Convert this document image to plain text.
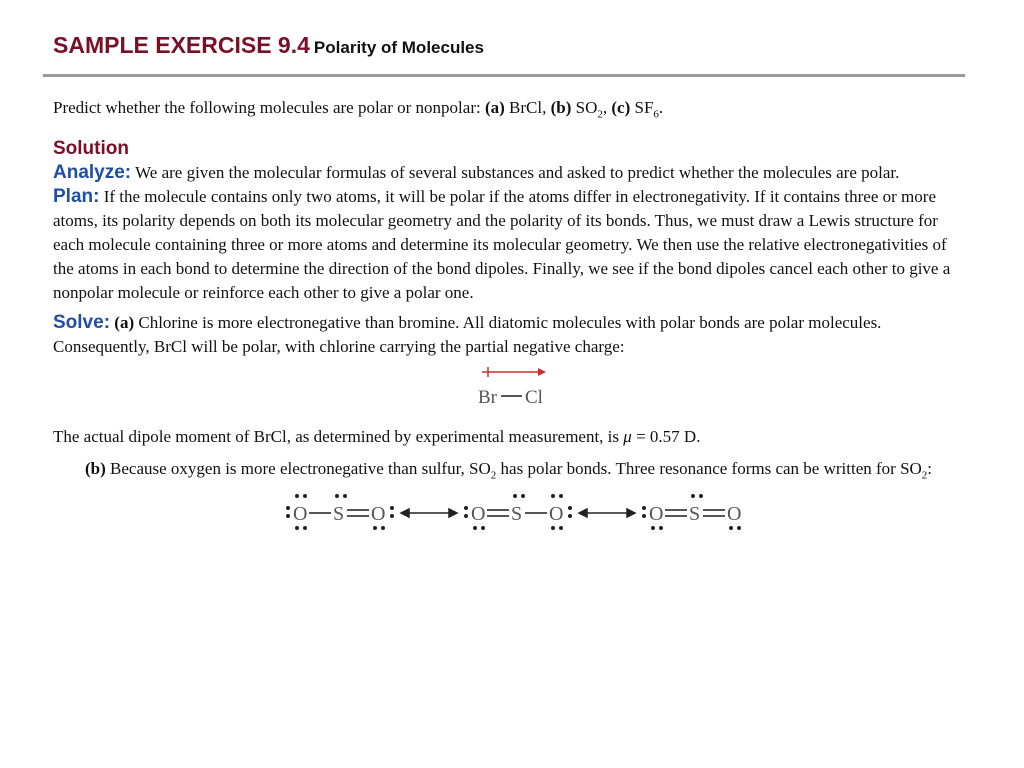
SAMPLE EXERCISE 9.4 Polarity of Molecules

Predict whether the following molecules are polar or nonpolar: (a) BrCl, (b) $SO_2$, (c) $SF_6$.

Solution

Analyze: We are given the molecular formulas of several substances and asked to predict whether the molecules are polar.

Plan: If the molecule contains only two atoms, it will be polar if the atoms differ in electronegativity. If it contains three or more atoms, its polarity depends on both its molecular geometry and the polarity of its bonds. Thus, we must draw a Lewis structure for each molecule containing three or more atoms and determine its molecular geometry. We then use the relative electronegativities of the atoms in each bond to determine the direction of the bond dipoles. Finally, we see if the bond dipoles cancel each other to give a nonpolar molecule or reinforce each other to give a polar one.

Solve: (a) Chlorine is more electronegative than bromine. All diatomic molecules with polar bonds are polar molecules. Consequently, BrCl will be polar, with chlorine carrying the partial negative charge:

Br Cl

The actual dipole moment of BrCl, as determined by experimental measurement, is μ = 0.57 D.

(b) Because oxygen is more electronegative than sulfur, $SO_2$ has polar bonds. Three resonance forms can be written for $SO_2$:

O S O	O S O	O S O
